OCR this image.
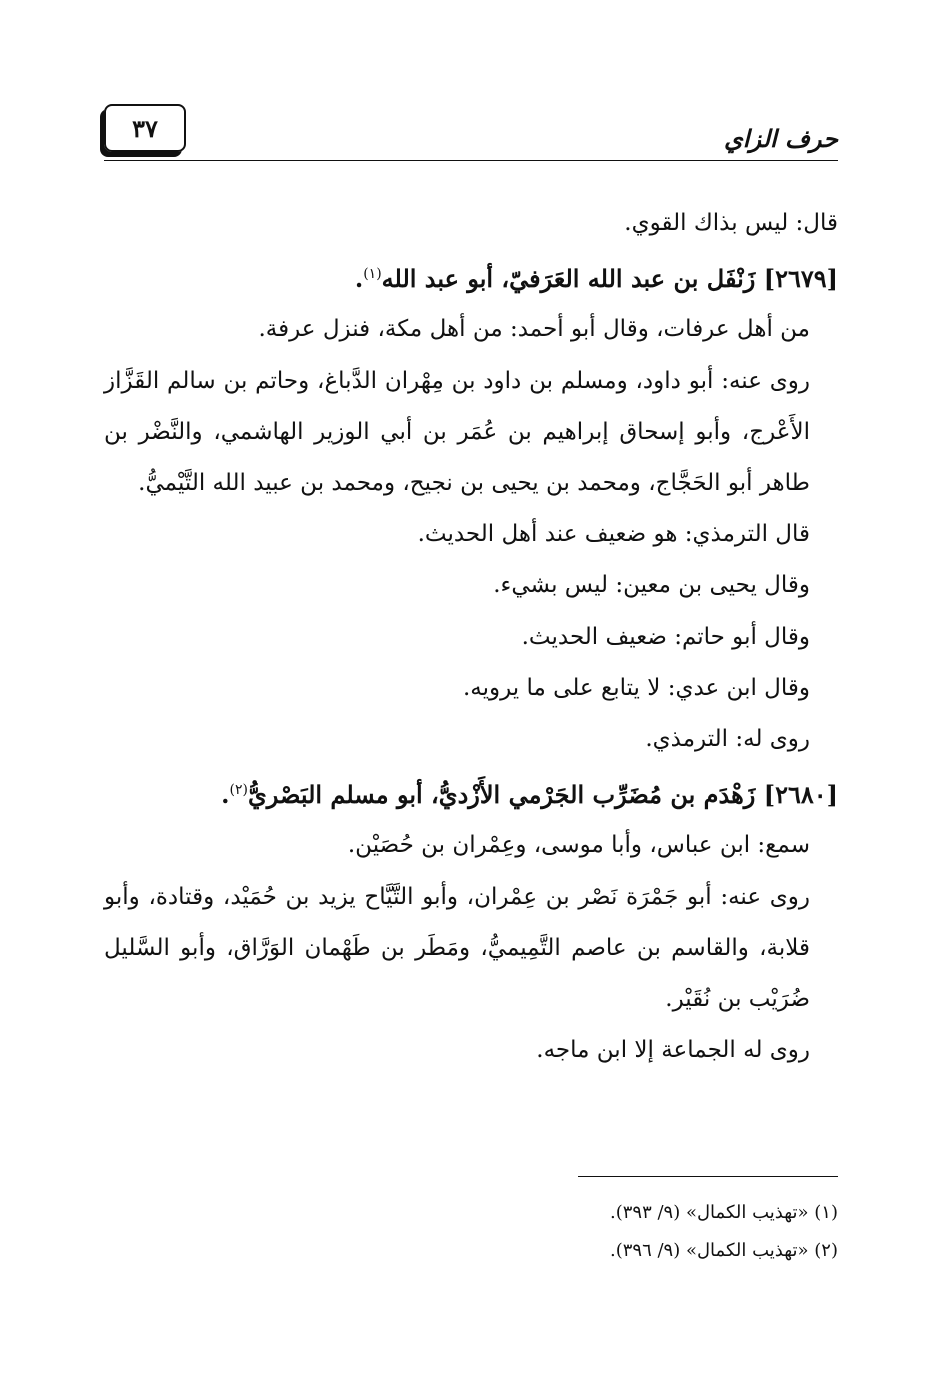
٣٧	حرف الزاي

قال: ليس بذاك القوي.

[٢٦٧٩] زَنْفَل بن عبد الله العَرَفيّ، أبو عبد الله$^{(١)}$.

من أهل عرفات، وقال أبو أحمد: من أهل مكة، فنزل عرفة.

روى عنه: أبو داود، ومسلم بن داود بن مِهْران الدَّباغ، وحاتم بن سالم القَزَّاز الأَعْرج، وأبو إسحاق إبراهيم بن عُمَر بن أبي الوزير الهاشمي، والنَّضْر بن طاهر أبو الحَجَّاج، ومحمد بن يحيى بن نجيح، ومحمد بن عبيد الله التَّيْميُّ.

قال الترمذي: هو ضعيف عند أهل الحديث.

وقال يحيى بن معين: ليس بشيء.

وقال أبو حاتم: ضعيف الحديث.

وقال ابن عدي: لا يتابع على ما يرويه.

روى له: الترمذي.

[٢٦٨٠] زَهْدَم بن مُضَرِّب الجَرْمي الأَزْديُّ، أبو مسلم البَصْريُّ$^{(٢)}$.

سمع: ابن عباس، وأبا موسى، وعِمْران بن حُصَيْن.

روى عنه: أبو جَمْرَة نَصْر بن عِمْران، وأبو التَّيَّاح يزيد بن حُمَيْد، وقتادة، وأبو قلابة، والقاسم بن عاصم التَّمِيميُّ، ومَطَر بن طَهْمان الوَرَّاق، وأبو السَّليل ضُرَيْب بن نُقَيْر.

روى له الجماعة إلا ابن ماجه.

(١) «تهذيب الكمال» (٩/ ٣٩٣).

(٢) «تهذيب الكمال» (٩/ ٣٩٦).
